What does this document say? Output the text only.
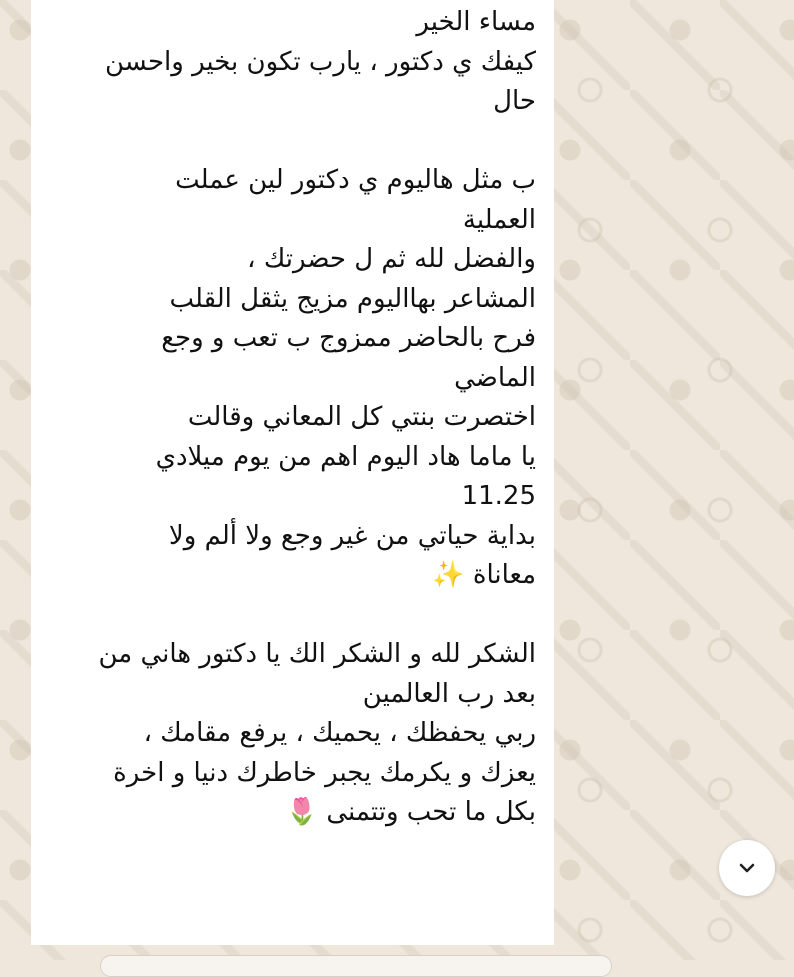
مساء الخير
كيفك ي دكتور ، يارب تكون بخير واحسن
حال
ب مثل هاليوم ي دكتور لين عملت
العملية
والفضل لله ثم ل حضرتك ،
المشاعر بهااليوم مزيج يثقل القلب
فرح بالحاضر ممزوج ب تعب و وجع
الماضي
اختصرت بنتي كل المعاني وقالت
يا ماما هاد اليوم اهم من يوم ميلادي
11.25
بداية حياتي من غير وجع ولا ألم ولا
معاناة ✨
الشكر لله و الشكر الك يا دكتور هاني من
بعد رب العالمين
ربي يحفظك ، يحميك ، يرفع مقامك ،
يعزك و يكرمك يجبر خاطرك دنيا و اخرة
بكل ما تحب وتتمنى 🌷
